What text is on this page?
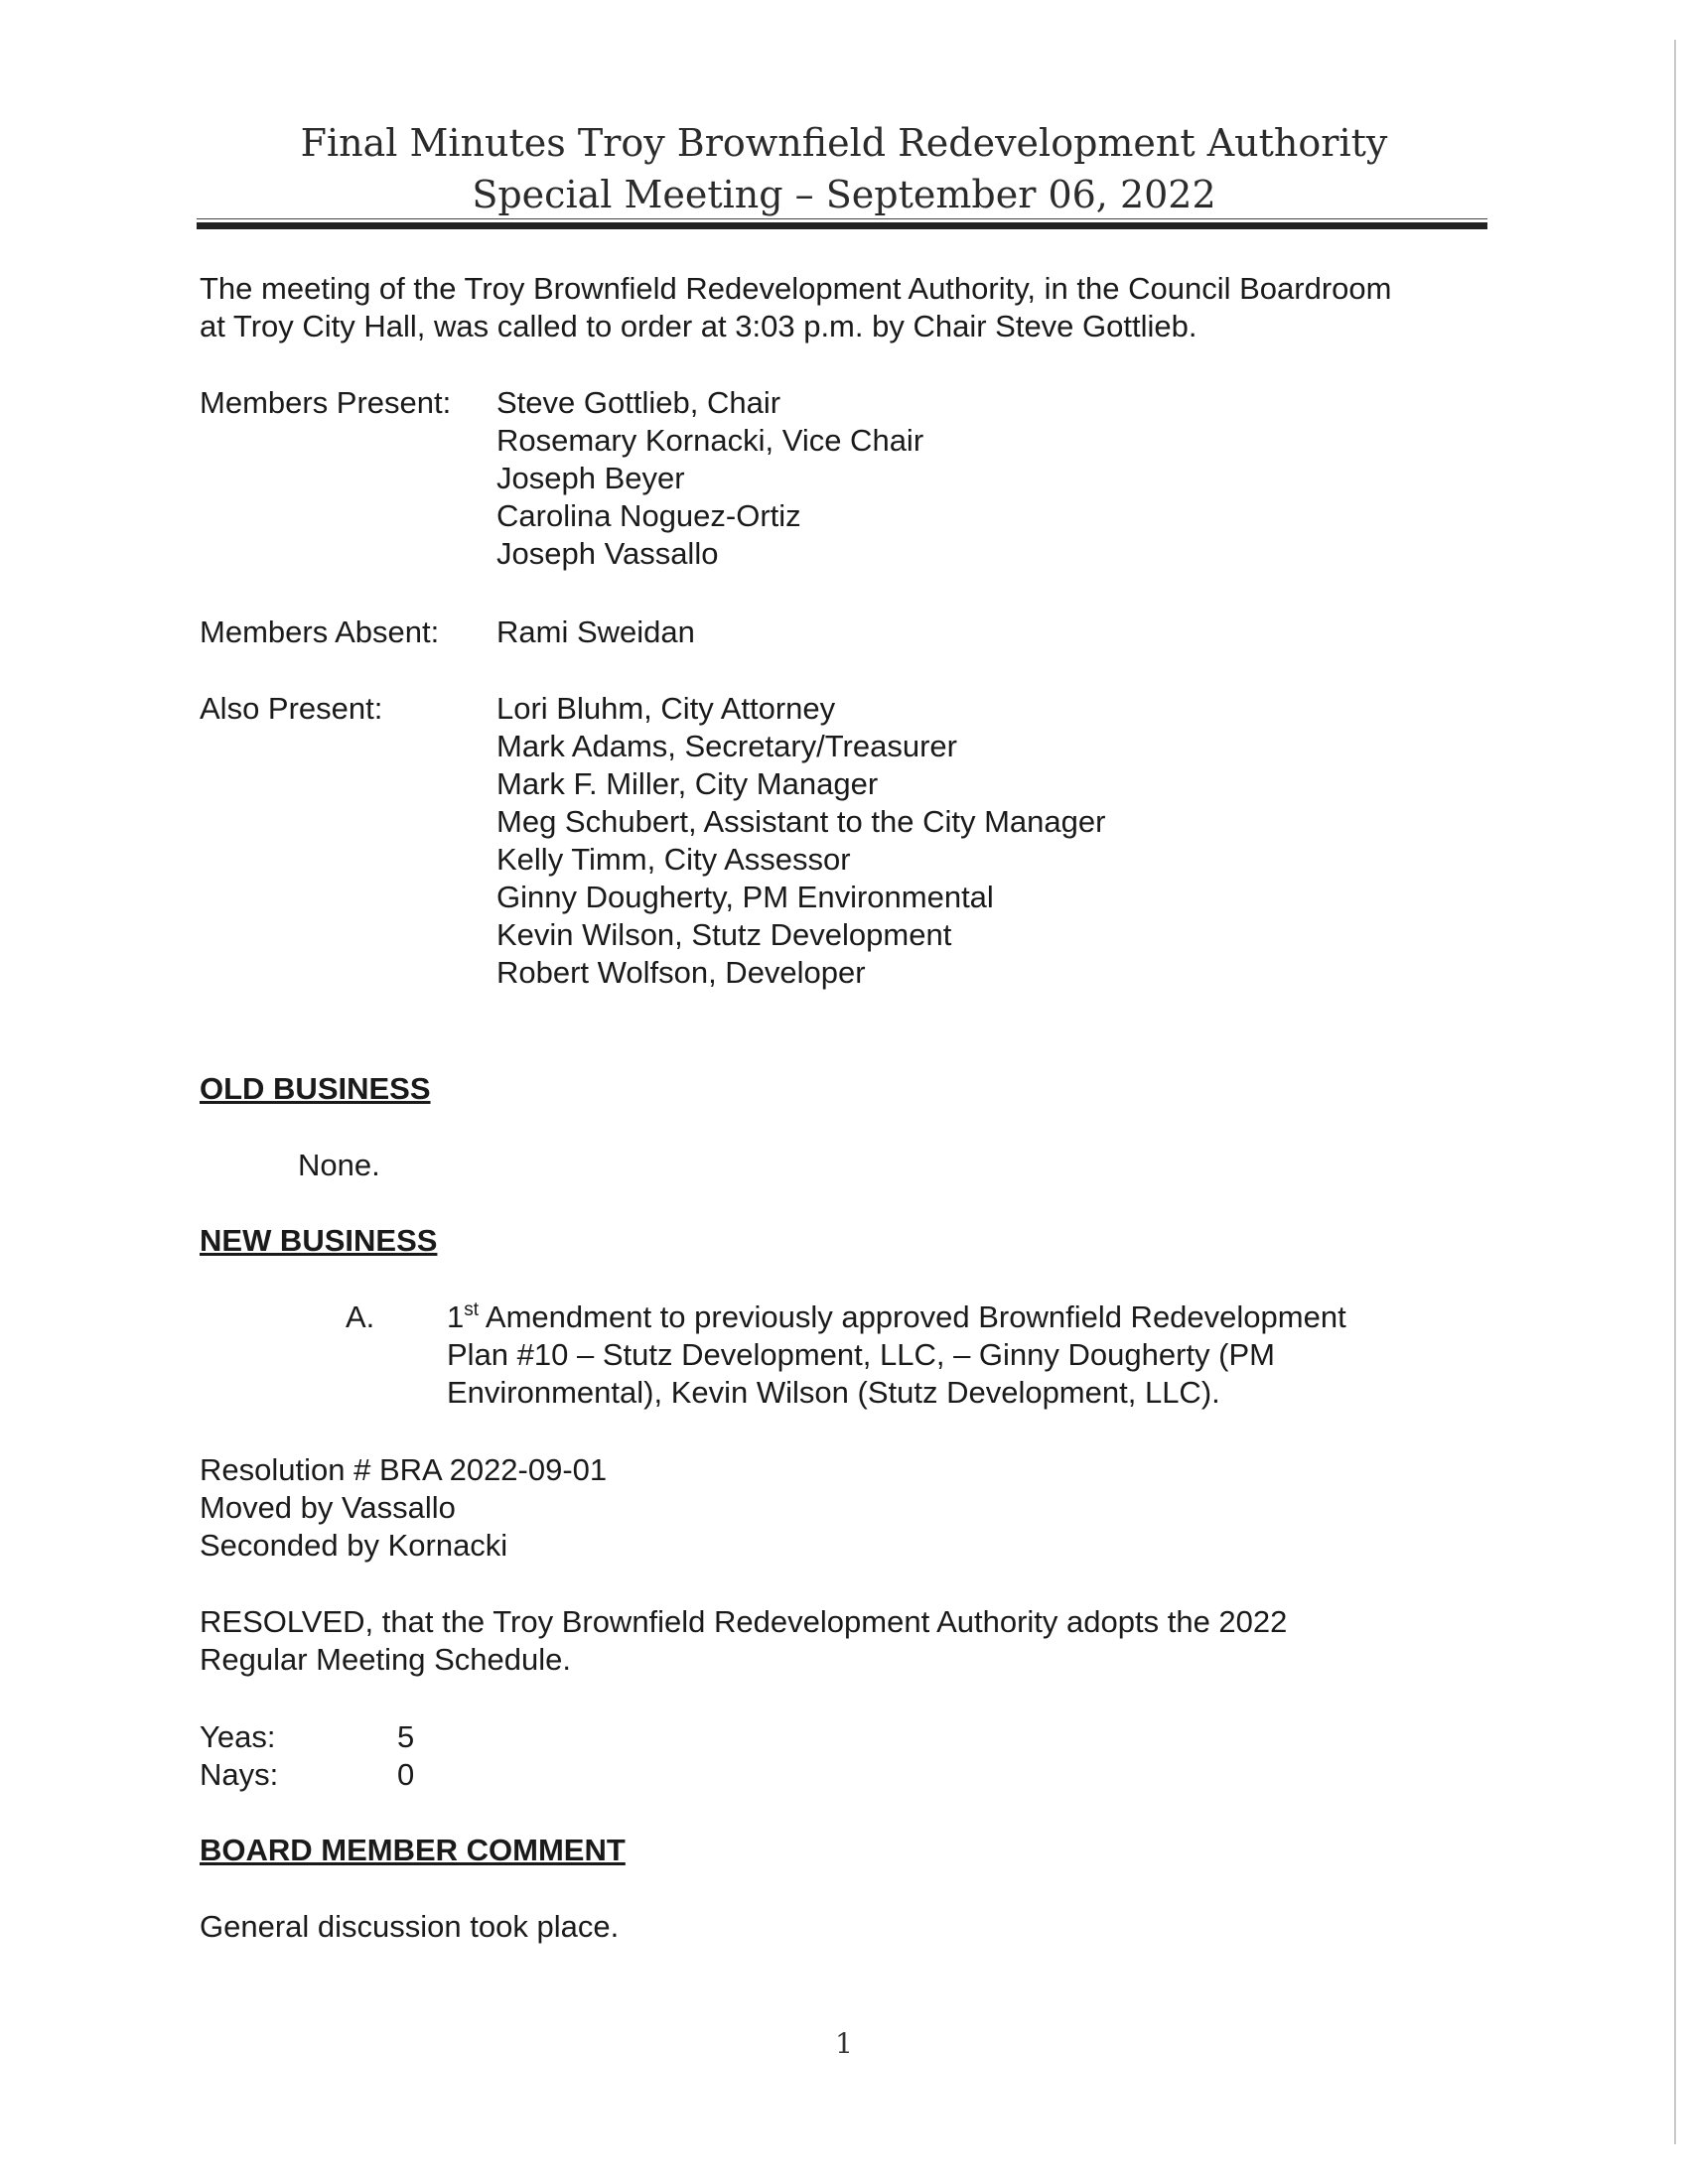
Final Minutes Troy Brownfield Redevelopment Authority
Special Meeting – September 06, 2022
The meeting of the Troy Brownfield Redevelopment Authority, in the Council Boardroom
at Troy City Hall, was called to order at 3:03 p.m. by Chair Steve Gottlieb.
Members Present:	Steve Gottlieb, Chair
Rosemary Kornacki, Vice Chair
Joseph Beyer
Carolina Noguez-Ortiz
Joseph Vassallo
Members Absent:	Rami Sweidan
Also Present:	Lori Bluhm, City Attorney
Mark Adams, Secretary/Treasurer
Mark F. Miller, City Manager
Meg Schubert, Assistant to the City Manager
Kelly Timm, City Assessor
Ginny Dougherty, PM Environmental
Kevin Wilson, Stutz Development
Robert Wolfson, Developer
OLD BUSINESS
None.
NEW BUSINESS
A. 1st Amendment to previously approved Brownfield Redevelopment
Plan #10 – Stutz Development, LLC, – Ginny Dougherty (PM
Environmental), Kevin Wilson (Stutz Development, LLC).
Resolution # BRA 2022-09-01
Moved by Vassallo
Seconded by Kornacki
RESOLVED, that the Troy Brownfield Redevelopment Authority adopts the 2022
Regular Meeting Schedule.
Yeas:	5
Nays:	0
BOARD MEMBER COMMENT
General discussion took place.
1
